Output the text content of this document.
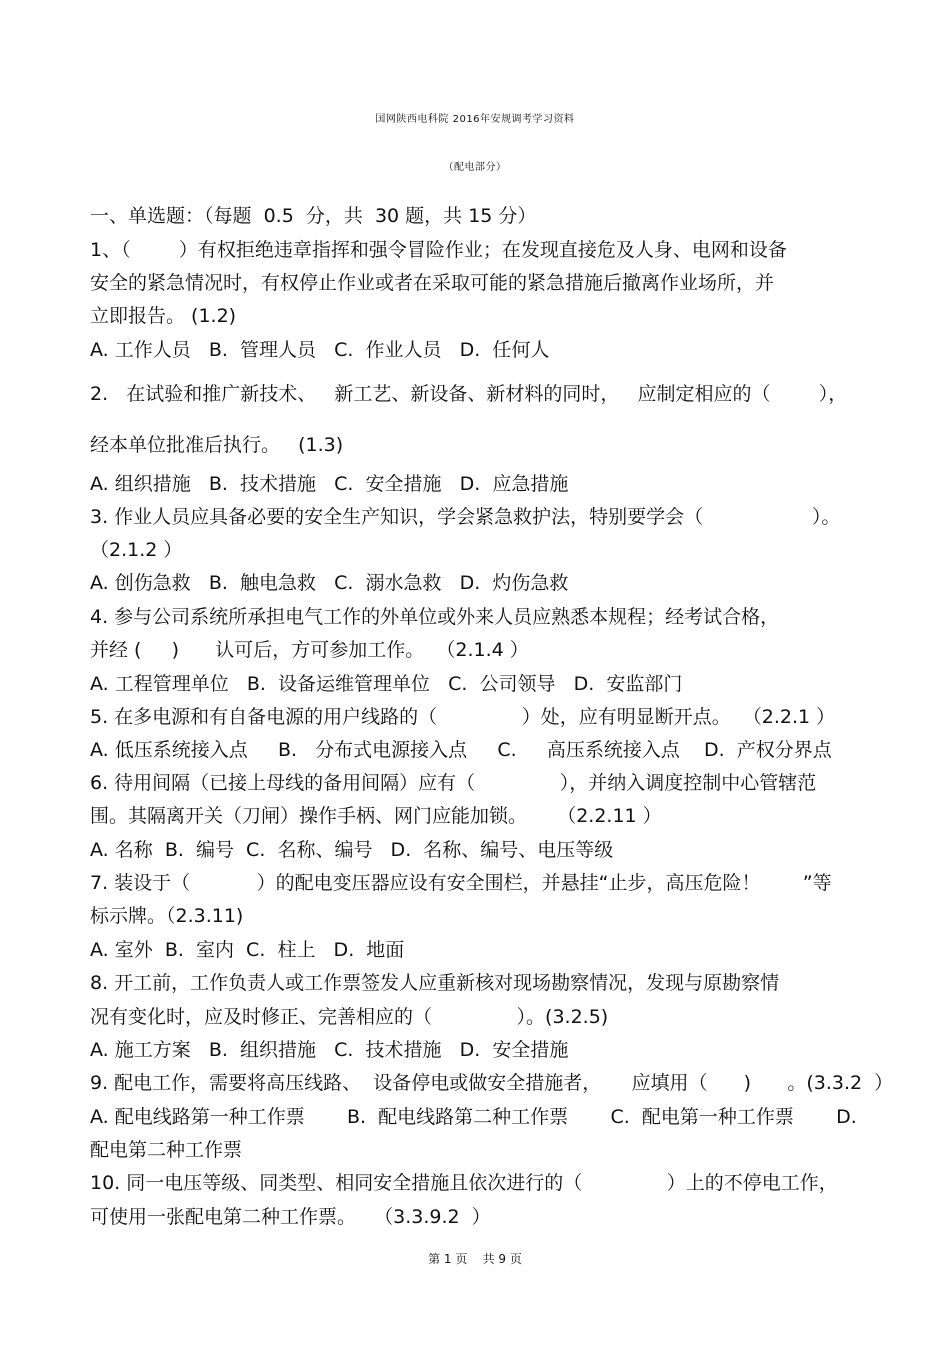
国网陕西电科院 2016年安规调考学习资料
（配电部分）
一、单选题：（每题  0.5  分，共  30 题，共 15 分）
1、（        ）有权拒绝违章指挥和强令冒险作业；在发现直接危及人身、电网和设备
安全的紧急情况时，有权停止作业或者在采取可能的紧急措施后撤离作业场所，并
立即报告。 (1.2)
A. 工作人员   B.  管理人员   C.  作业人员   D.  任何人
2.   在试验和推广新技术、   新工艺、新设备、新材料的同时，   应制定相应的（        ），
经本单位批准后执行。   (1.3)
A. 组织措施   B.  技术措施   C.  安全措施   D.  应急措施
3. 作业人员应具备必要的安全生产知识，学会紧急救护法，特别要学会（                  ）。
（2.1.2 ）
A. 创伤急救   B.  触电急救   C.  溺水急救   D.  灼伤急救
4. 参与公司系统所承担电气工作的外单位或外来人员应熟悉本规程；经考试合格，
并经 (     )      认可后，方可参加工作。  （2.1.4 ）
A. 工程管理单位   B.  设备运维管理单位   C.  公司领导   D.  安监部门
5. 在多电源和有自备电源的用户线路的（              ）处，应有明显断开点。  （2.2.1 ）
A. 低压系统接入点     B.   分布式电源接入点     C.     高压系统接入点    D.  产权分界点
6. 待用间隔（已接上母线的备用间隔）应有（              ），并纳入调度控制中心管辖范
围。其隔离开关（刀闸）操作手柄、网门应能加锁。     （2.2.11 ）
A. 名称  B.  编号  C.  名称、编号   D.  名称、编号、电压等级
7. 装设于（           ）的配电变压器应设有安全围栏，并悬挂“止步，高压危险！       ”等
标示牌。（2.3.11)
A. 室外  B.  室内  C.  柱上   D.  地面
8. 开工前，工作负责人或工作票签发人应重新核对现场勘察情况，发现与原勘察情
况有变化时，应及时修正、完善相应的（              ）。(3.2.5)
A. 施工方案   B.  组织措施   C.  技术措施   D.  安全措施
9. 配电工作，需要将高压线路、  设备停电或做安全措施者，     应填用（      )      。(3.3.2  ）
A. 配电线路第一种工作票       B.  配电线路第二种工作票       C.  配电第一种工作票       D.
配电第二种工作票
10. 同一电压等级、同类型、相同安全措施且依次进行的（              ）上的不停电工作，
可使用一张配电第二种工作票。   （3.3.9.2  ）
第 1 页    共 9 页
